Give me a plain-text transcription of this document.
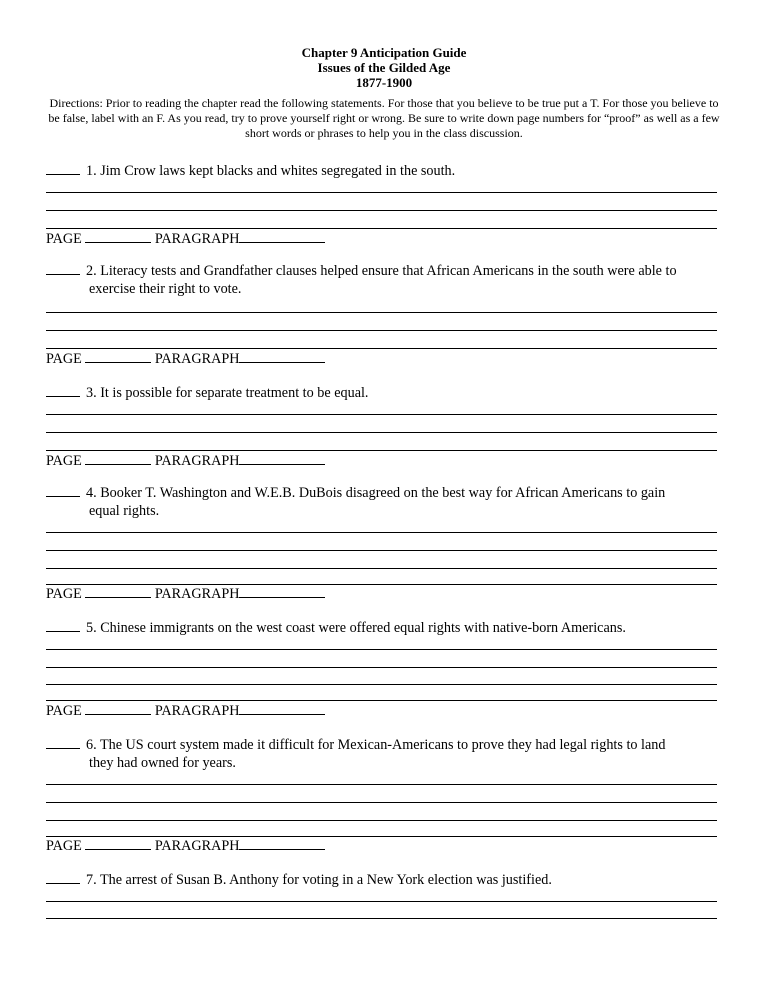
Chapter 9 Anticipation Guide
Issues of the Gilded Age
1877-1900
Directions: Prior to reading the chapter read the following statements. For those that you believe to be true put a T. For those you believe to be false, label with an F. As you read, try to prove yourself right or wrong. Be sure to write down page numbers for “proof” as well as a few short words or phrases to help you in the class discussion.
1. Jim Crow laws kept blacks and whites segregated in the south.
PAGE	PARAGRAPH
2. Literacy tests and Grandfather clauses helped ensure that African Americans in the south were able to
exercise their right to vote.
PAGE	PARAGRAPH
3. It is possible for separate treatment to be equal.
PAGE	PARAGRAPH
4. Booker T. Washington and W.E.B. DuBois disagreed on the best way for African Americans to gain
equal rights.
PAGE	PARAGRAPH
5. Chinese immigrants on the west coast were offered equal rights with native-born Americans.
PAGE	PARAGRAPH
6. The US court system made it difficult for Mexican-Americans to prove they had legal rights to land
they had owned for years.
PAGE	PARAGRAPH
7. The arrest of Susan B. Anthony for voting in a New York election was justified.
